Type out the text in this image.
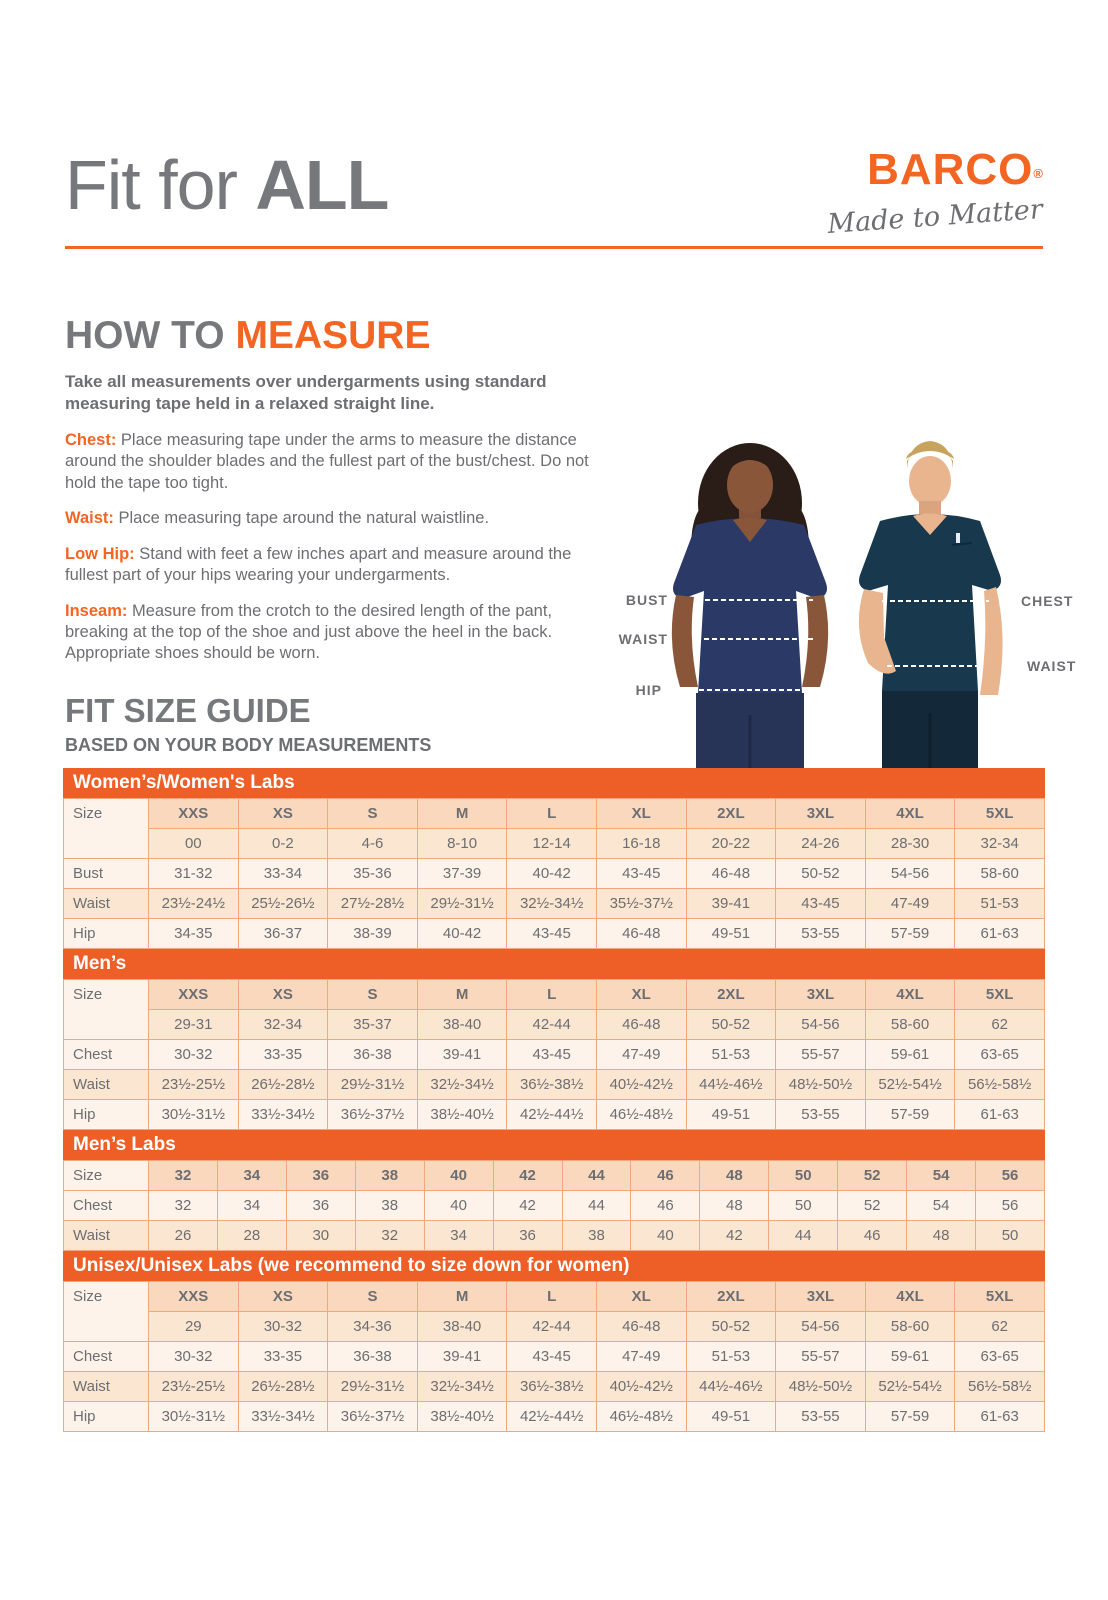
Fit for ALL	BARCO®
Made to Matter
HOW TO MEASURE
Take all measurements over undergarments using standard measuring tape held in a relaxed straight line.
Chest: Place measuring tape under the arms to measure the distance around the shoulder blades and the fullest part of the bust/chest. Do not hold the tape too tight.
Waist: Place measuring tape around the natural waistline.
Low Hip: Stand with feet a few inches apart and measure around the fullest part of your hips wearing your undergarments.
Inseam: Measure from the crotch to the desired length of the pant, breaking at the top of the shoe and just above the heel in the back. Appropriate shoes should be worn.
BUST
WAIST
HIP
CHEST
WAIST
FIT SIZE GUIDE
BASED ON YOUR BODY MEASUREMENTS
Women’s/Women's Labs
Size	XXS	XS	S	M	L	XL	2XL	3XL	4XL	5XL
	00	0-2	4-6	8-10	12-14	16-18	20-22	24-26	28-30	32-34
Bust	31-32	33-34	35-36	37-39	40-42	43-45	46-48	50-52	54-56	58-60
Waist	23½-24½	25½-26½	27½-28½	29½-31½	32½-34½	35½-37½	39-41	43-45	47-49	51-53
Hip	34-35	36-37	38-39	40-42	43-45	46-48	49-51	53-55	57-59	61-63
Men’s
Size	XXS	XS	S	M	L	XL	2XL	3XL	4XL	5XL
	29-31	32-34	35-37	38-40	42-44	46-48	50-52	54-56	58-60	62
Chest	30-32	33-35	36-38	39-41	43-45	47-49	51-53	55-57	59-61	63-65
Waist	23½-25½	26½-28½	29½-31½	32½-34½	36½-38½	40½-42½	44½-46½	48½-50½	52½-54½	56½-58½
Hip	30½-31½	33½-34½	36½-37½	38½-40½	42½-44½	46½-48½	49-51	53-55	57-59	61-63
Men’s Labs
Size	32	34	36	38	40	42	44	46	48	50	52	54	56
Chest	32	34	36	38	40	42	44	46	48	50	52	54	56
Waist	26	28	30	32	34	36	38	40	42	44	46	48	50
Unisex/Unisex Labs (we recommend to size down for women)
Size	XXS	XS	S	M	L	XL	2XL	3XL	4XL	5XL
	29	30-32	34-36	38-40	42-44	46-48	50-52	54-56	58-60	62
Chest	30-32	33-35	36-38	39-41	43-45	47-49	51-53	55-57	59-61	63-65
Waist	23½-25½	26½-28½	29½-31½	32½-34½	36½-38½	40½-42½	44½-46½	48½-50½	52½-54½	56½-58½
Hip	30½-31½	33½-34½	36½-37½	38½-40½	42½-44½	46½-48½	49-51	53-55	57-59	61-63
